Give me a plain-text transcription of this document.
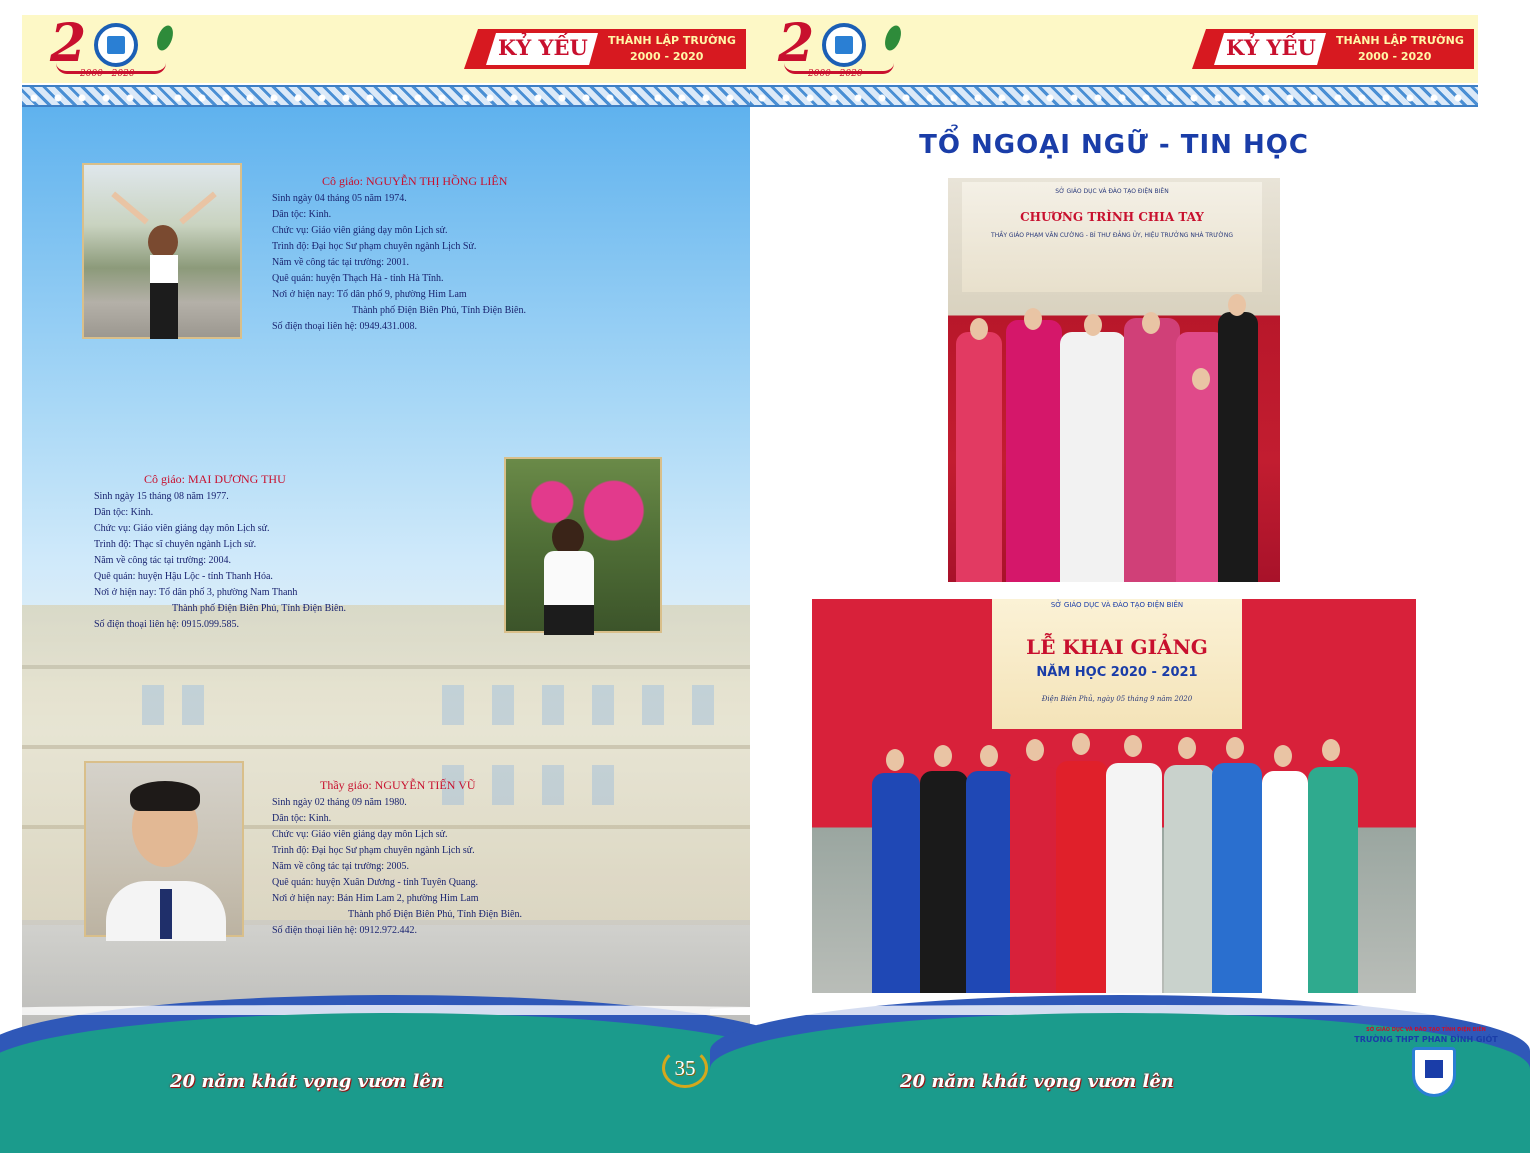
2
2000 - 2020
KỶ YẾU THÀNH LẬP TRƯỜNG
2000 - 2020
Cô giáo: NGUYỄN THỊ HỒNG LIÊN
Sinh ngày 04 tháng 05 năm 1974.
Dân tộc: Kinh.
Chức vụ: Giáo viên giảng dạy môn Lịch sử.
Trình độ: Đại học Sư phạm chuyên ngành Lịch Sử.
Năm về công tác tại trường: 2001.
Quê quán: huyện Thạch Hà - tỉnh Hà Tĩnh.
Nơi ở hiện nay: Tổ dân phố 9, phường Him Lam
Thành phố Điện Biên Phủ, Tỉnh Điện Biên.
Số điện thoại liên hệ: 0949.431.008.
Cô giáo: MAI DƯƠNG THU
Sinh ngày 15 tháng 08 năm 1977.
Dân tộc: Kinh.
Chức vụ: Giáo viên giảng dạy môn Lịch sử.
Trình độ: Thạc sĩ chuyên ngành Lịch sử.
Năm về công tác tại trường: 2004.
Quê quán: huyện Hậu Lộc - tỉnh Thanh Hóa.
Nơi ở hiện nay: Tổ dân phố 3, phường Nam Thanh
Thành phố Điện Biên Phủ, Tỉnh Điện Biên.
Số điện thoại liên hệ: 0915.099.585.
Thầy giáo: NGUYỄN TIẾN VŨ
Sinh ngày 02 tháng 09 năm 1980.
Dân tộc: Kinh.
Chức vụ: Giáo viên giảng dạy môn Lịch sử.
Trình độ: Đại học Sư phạm chuyên ngành Lịch sử.
Năm về công tác tại trường: 2005.
Quê quán: huyện Xuân Dương - tỉnh Tuyên Quang.
Nơi ở hiện nay: Bản Him Lam 2, phường Him Lam
Thành phố Điện Biên Phủ, Tỉnh Điện Biên.
Số điện thoại liên hệ: 0912.972.442.
35
20 năm khát vọng vươn lên
2
2000 - 2020
KỶ YẾU THÀNH LẬP TRƯỜNG
2000 - 2020
TỔ NGOẠI NGỮ - TIN HỌC
SỞ GIÁO DỤC VÀ ĐÀO TẠO ĐIỆN BIÊN
CHƯƠNG TRÌNH CHIA TAY
THẦY GIÁO PHẠM VĂN CƯỜNG - BÍ THƯ ĐẢNG ỦY, HIỆU TRƯỞNG NHÀ TRƯỜNG
SỞ GIÁO DỤC VÀ ĐÀO TẠO ĐIỆN BIÊN
LỄ KHAI GIẢNG
NĂM HỌC 2020 - 2021
Điện Biên Phủ, ngày 05 tháng 9 năm 2020
20 năm khát vọng vươn lên
SỞ GIÁO DỤC VÀ ĐÀO TẠO TỈNH ĐIỆN BIÊN
TRƯỜNG THPT PHAN ĐÌNH GIÓT
